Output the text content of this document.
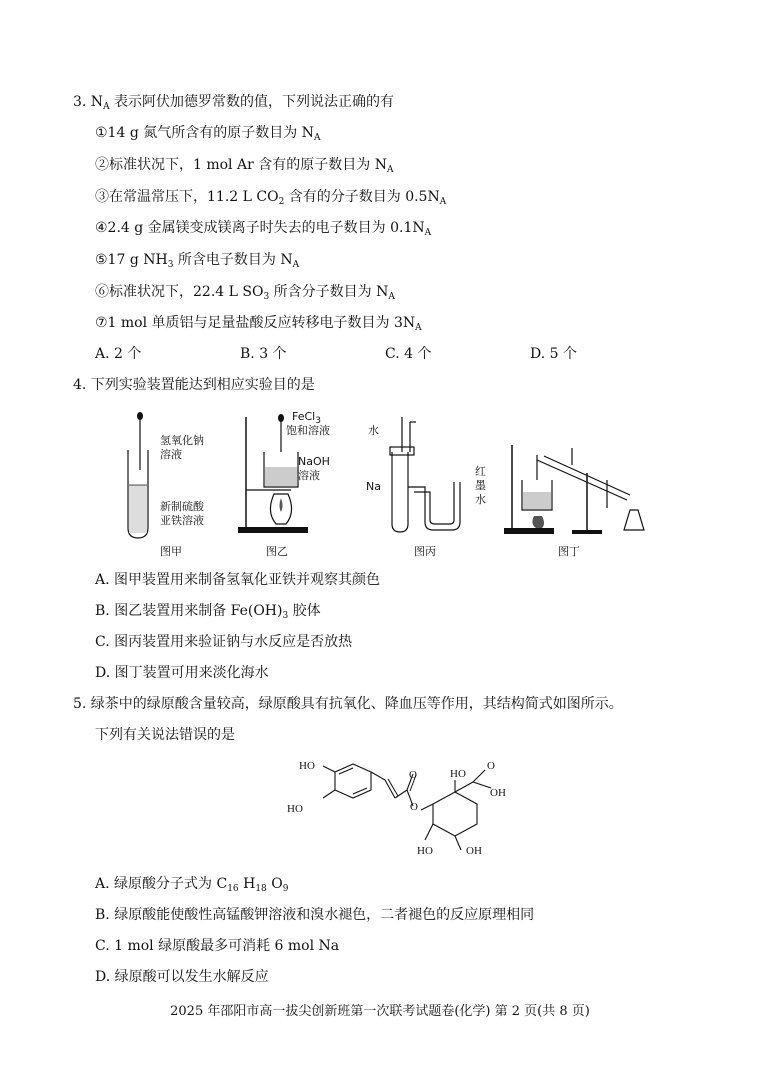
3. $N_A$ 表示阿伏加德罗常数的值，下列说法正确的有
①14 g 氮气所含有的原子数目为 $N_A$
②标准状况下，1 mol Ar 含有的原子数目为 $N_A$
③在常温常压下，11.2 L $CO_2$ 含有的分子数目为 $0.5N_A$
④2.4 g 金属镁变成镁离子时失去的电子数目为 $0.1N_A$
⑤17 g $NH_3$ 所含电子数目为 $N_A$
⑥标准状况下，22.4 L $SO_3$ 所含分子数目为 $N_A$
⑦1 mol 单质铝与足量盐酸反应转移电子数目为 $3N_A$
A. 2 个	B. 3 个	C. 4 个	D. 5 个
4. 下列实验装置能达到相应实验目的是
氢氧化钠
溶液
新制硫酸
亚铁溶液
图甲
FeCl$_3$
饱和溶液
NaOH
溶液
图乙
水
Na
红
墨
水
图丙	图丁
A. 图甲装置用来制备氢氧化亚铁并观察其颜色
B. 图乙装置用来制备 $Fe(OH)_3$ 胶体
C. 图丙装置用来验证钠与水反应是否放热
D. 图丁装置可用来淡化海水
5. 绿茶中的绿原酸含量较高，绿原酸具有抗氧化、降血压等作用，其结构简式如图所示。
下列有关说法错误的是
HO
HO
O
O
HO
OH
O
HO	OH
A. 绿原酸分子式为 $C_{16}$ $H_{18}$ $O_9$
B. 绿原酸能使酸性高锰酸钾溶液和溴水褪色，二者褪色的反应原理相同
C. 1 mol 绿原酸最多可消耗 6 mol Na
D. 绿原酸可以发生水解反应
2025 年邵阳市高一拔尖创新班第一次联考试题卷(化学) 第 2 页(共 8 页)
